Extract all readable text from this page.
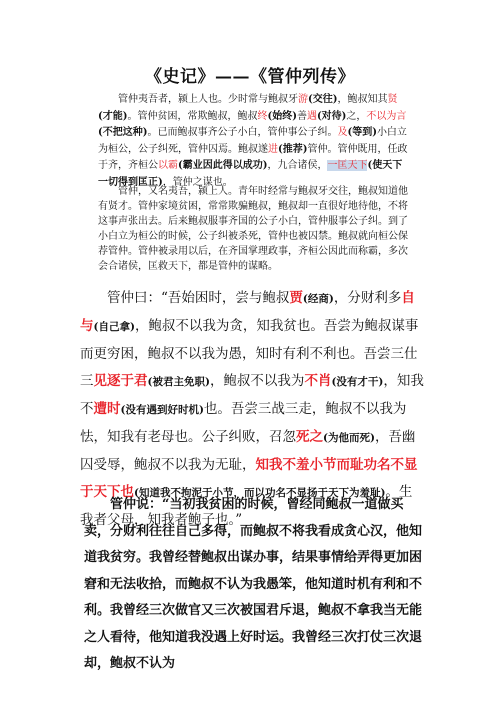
《史记》——《管仲列传》
管仲夷吾者，颍上人也。少时常与鲍叔牙游(交往)，鲍叔知其贤(才能)。管仲贫困，常欺鲍叔，鲍叔终(始终)善遇(对待)之，不以为言(不把这种)。已而鲍叔事齐公子小白，管仲事公子纠。及(等到)小白立为桓公，公子纠死，管仲囚焉。鲍叔遂进(推荐)管仲。管仲既用，任政于齐，齐桓公以霸(霸业因此得以成功)，九合诸侯，一匡天下(使天下一切得到匡正)，管仲之谋也。
管仲，又名夷吾，颍上人。青年时经常与鲍叔牙交往，鲍叔知道他有贤才。管仲家境贫困，常常欺骗鲍叔，鲍叔却一直很好地待他，不将这事声张出去。后来鲍叔服事齐国的公子小白，管仲服事公子纠。到了小白立为桓公的时候，公子纠被杀死，管仲也被囚禁。鲍叔就向桓公保荐管仲。管仲被录用以后，在齐国掌理政事，齐桓公因此而称霸，多次会合诸侯，匡救天下，都是管仲的谋略。
管仲曰：“吾始困时，尝与鲍叔贾(经商)，分财利多自与(自己拿)，鲍叔不以我为贪，知我贫也。吾尝为鲍叔谋事而更穷困，鲍叔不以我为愚，知时有利不利也。吾尝三仕三见逐于君(被君主免职)，鲍叔不以我为不肖(没有才干)，知我不遭时(没有遇到好时机)也。吾尝三战三走，鲍叔不以我为怯，知我有老母也。公子纠败，召忽死之(为他而死)，吾幽囚受辱，鲍叔不以我为无耻，知我不羞小节而耻功名不显于天下也(知道我不拘泥于小节，而以功名不显扬于天下为羞耻)。生我者父母，知我者鲍子也。”
管仲说：“当初我贫困的时候，曾经同鲍叔一道做买卖，分财利往往自己多得，而鲍叔不将我看成贪心汉，他知道我贫穷。我曾经替鲍叔出谋办事，结果事情给弄得更加困窘和无法收拾，而鲍叔不认为我愚笨，他知道时机有利和不利。我曾经三次做官又三次被国君斥退，鲍叔不拿我当无能之人看待，他知道我没遇上好时运。我曾经三次打仗三次退却，鲍叔不认为
